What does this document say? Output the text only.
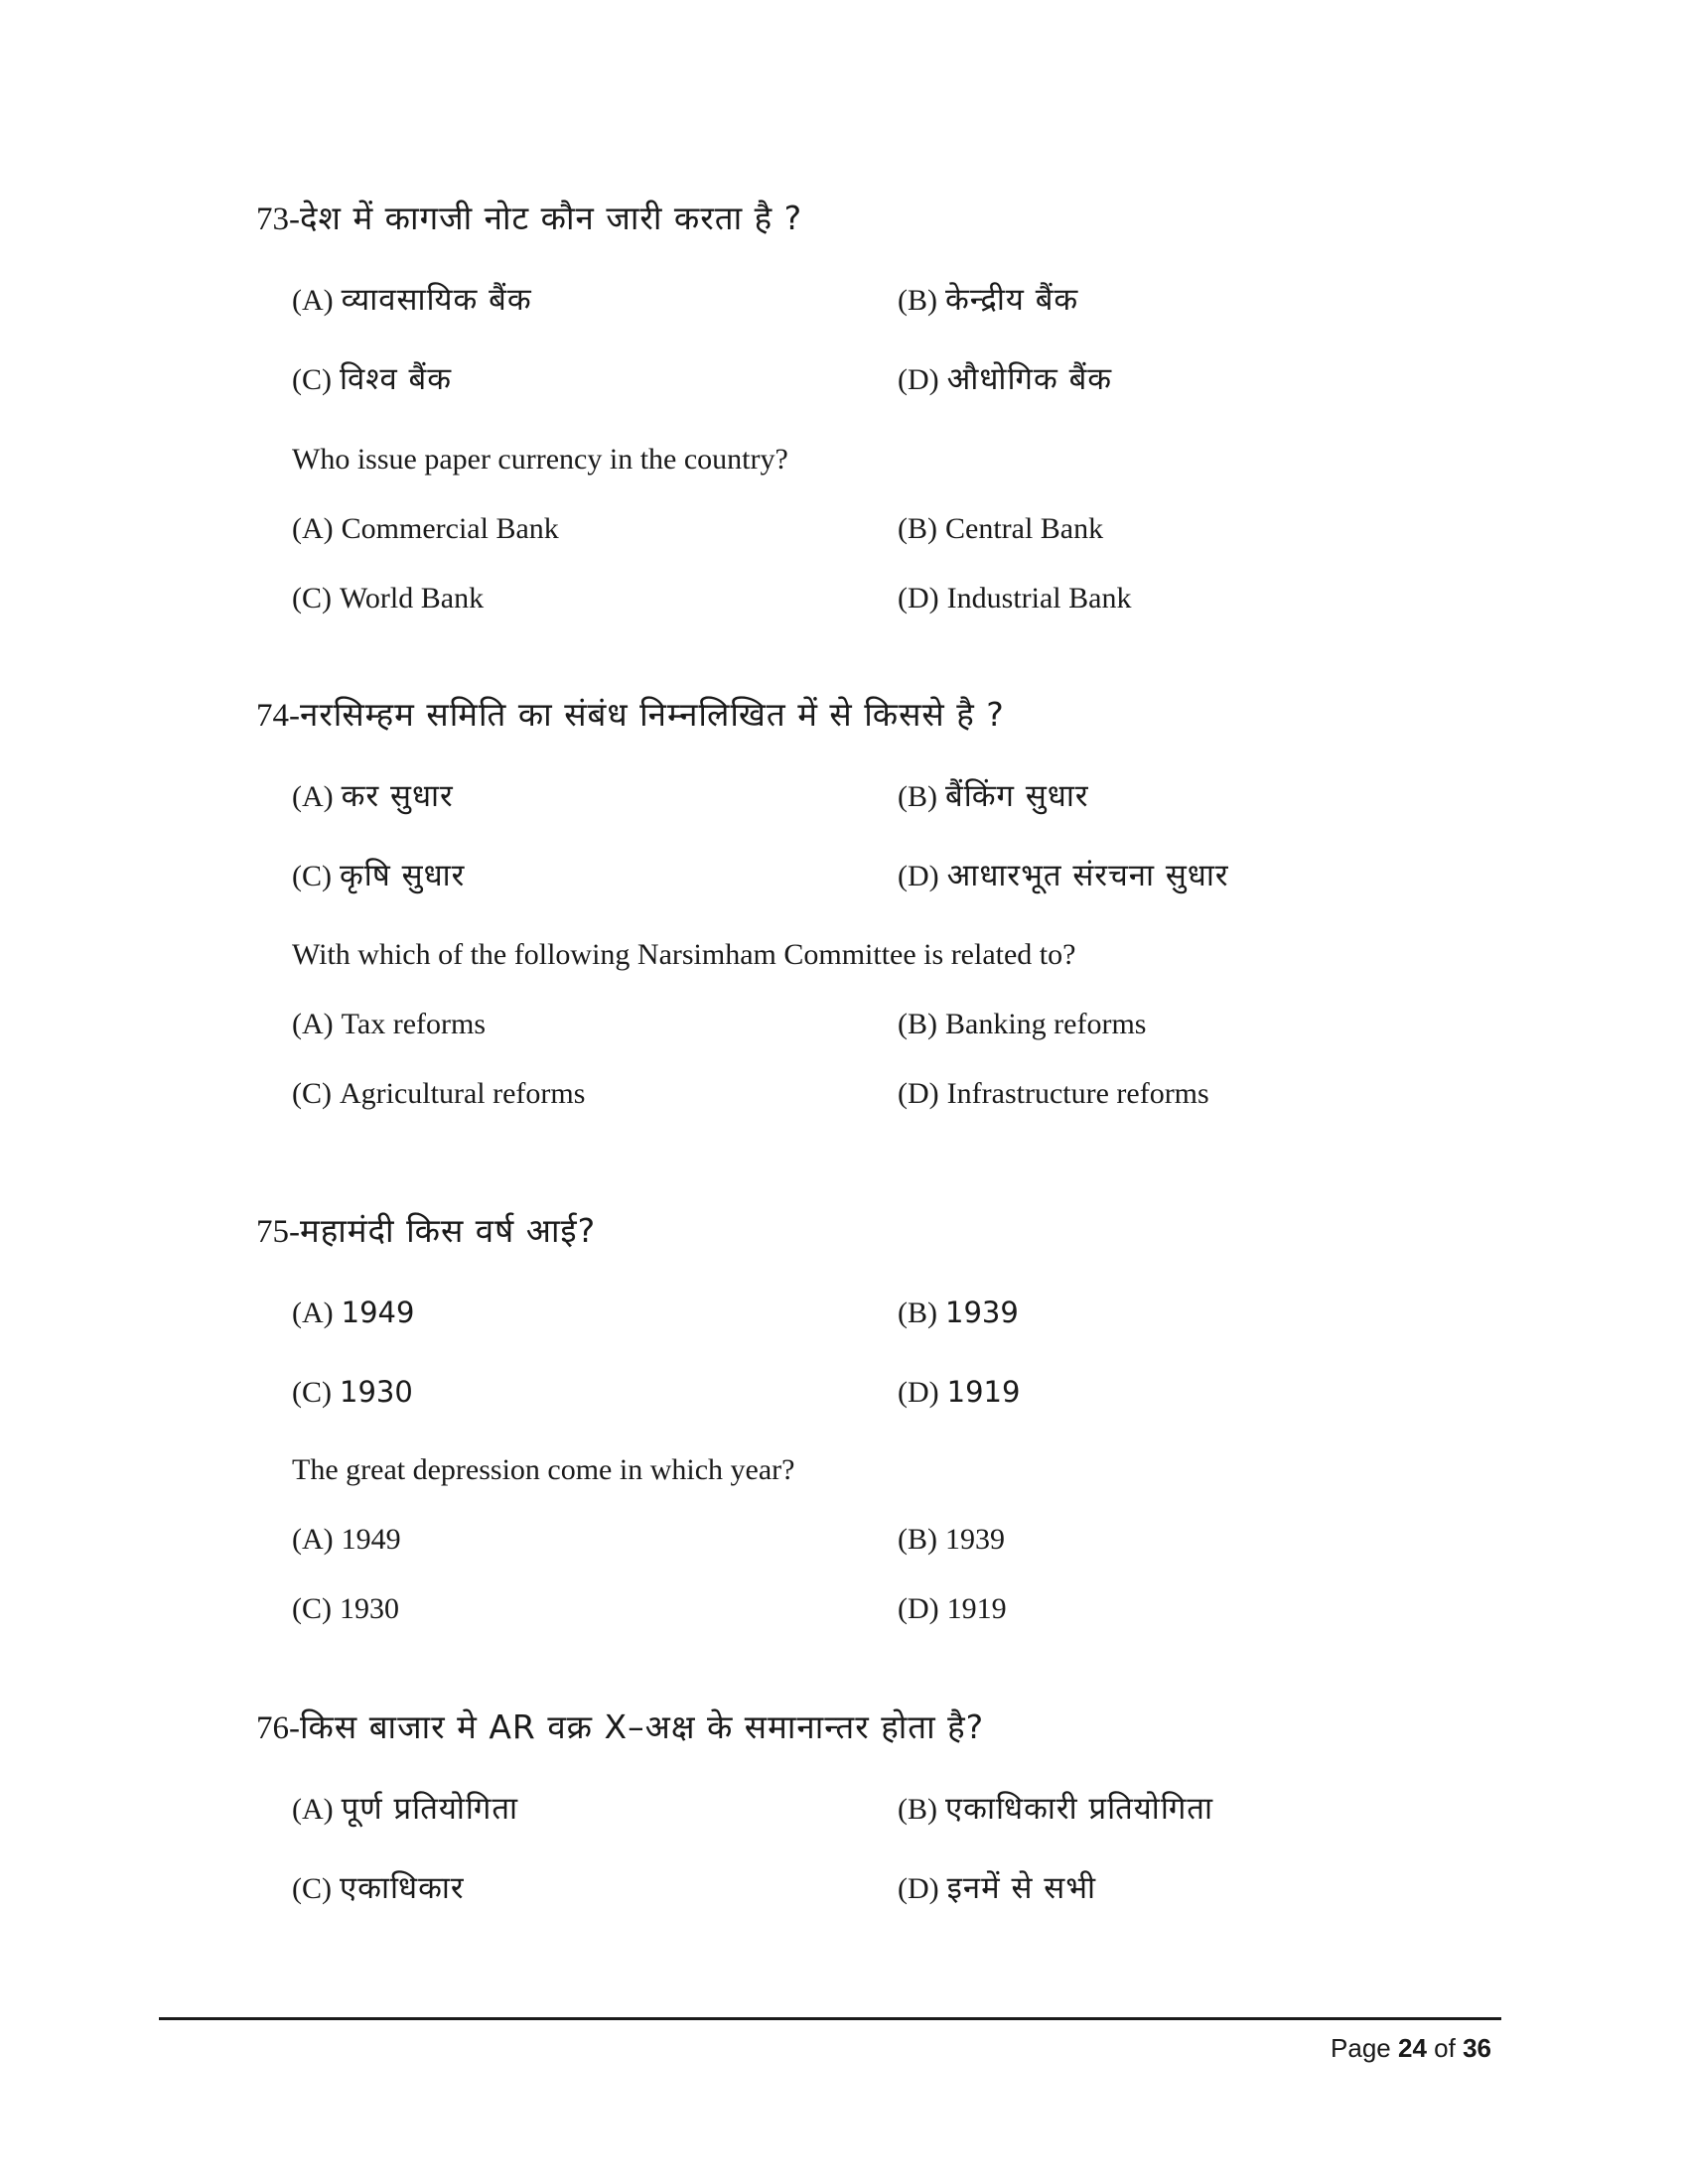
73-देश में कागजी नोट कौन जारी करता है ?
(A) व्यावसायिक बैंक	(B) केन्द्रीय बैंक
(C) विश्व बैंक	(D) औधोगिक बैंक
Who issue paper currency in the country?
(A) Commercial Bank	(B) Central Bank
(C) World Bank	(D) Industrial Bank
74-नरसिम्हम समिति का संबंध निम्नलिखित में से किससे है ?
(A) कर सुधार	(B) बैंकिंग सुधार
(C) कृषि सुधार	(D) आधारभूत संरचना सुधार
With which of the following Narsimham Committee is related to?
(A) Tax reforms	(B) Banking reforms
(C) Agricultural reforms	(D) Infrastructure reforms
75-महामंदी किस वर्ष आई?
(A) 1949	(B) 1939
(C) 1930	(D) 1919
The great depression come in which year?
(A) 1949	(B) 1939
(C) 1930	(D) 1919
76-किस बाजार मे AR वक्र X–अक्ष के समानान्तर होता है?
(A) पूर्ण प्रतियोगिता	(B) एकाधिकारी प्रतियोगिता
(C) एकाधिकार	(D) इनमें से सभी
Page 24 of 36
